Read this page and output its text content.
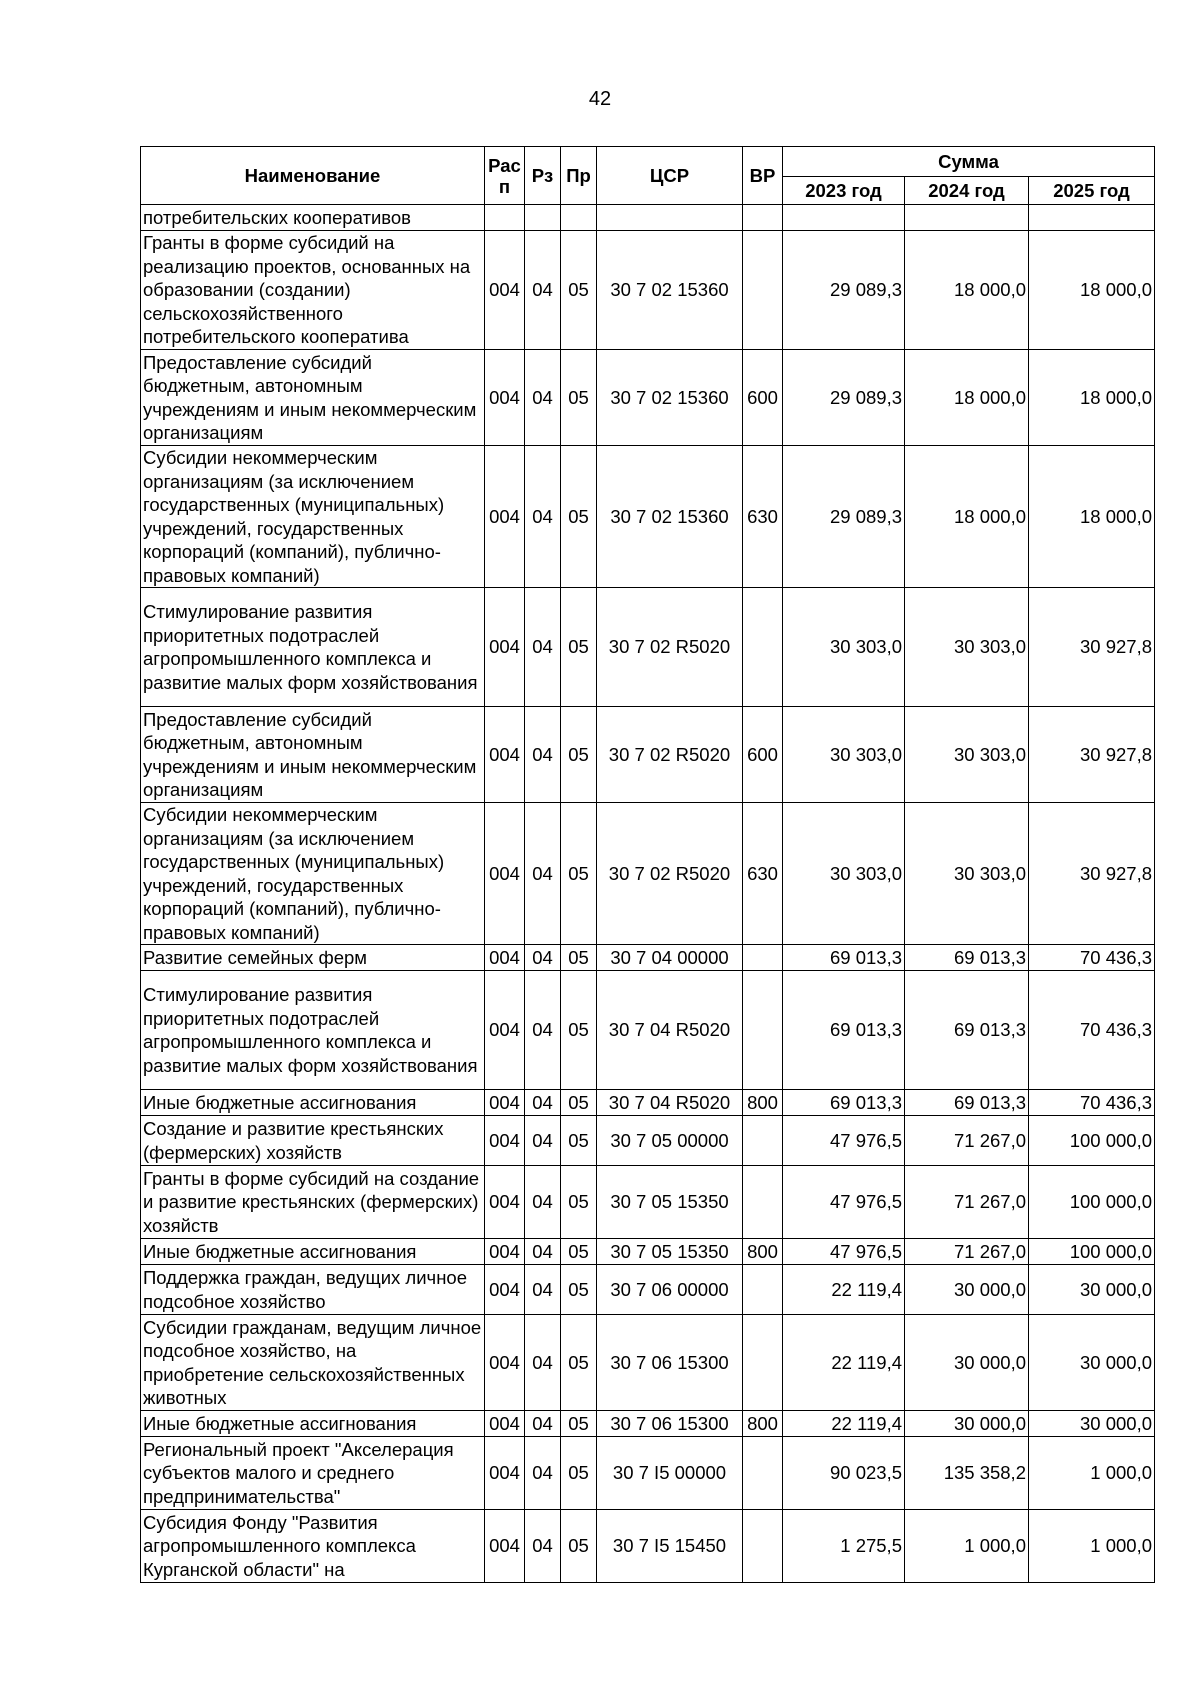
42
Наименование	Рас п	Рз	Пр	ЦСР	ВР	Сумма		
						2023 год	2024 год	2025 год
потребительских кооперативов								
Гранты в форме субсидий на реализацию проектов, основанных на образовании (создании) сельскохозяйственного потребительского кооператива	004	04	05	30 7 02 15360		29 089,3	18 000,0	18 000,0
Предоставление субсидий бюджетным, автономным учреждениям и иным некоммерческим организациям	004	04	05	30 7 02 15360	600	29 089,3	18 000,0	18 000,0
Субсидии некоммерческим организациям (за исключением государственных (муниципальных) учреждений, государственных корпораций (компаний), публично-правовых компаний)	004	04	05	30 7 02 15360	630	29 089,3	18 000,0	18 000,0
Стимулирование развития приоритетных подотраслей агропромышленного комплекса и развитие малых форм хозяйствования	004	04	05	30 7 02 R5020		30 303,0	30 303,0	30 927,8
Предоставление субсидий бюджетным, автономным учреждениям и иным некоммерческим организациям	004	04	05	30 7 02 R5020	600	30 303,0	30 303,0	30 927,8
Субсидии некоммерческим организациям (за исключением государственных (муниципальных) учреждений, государственных корпораций (компаний), публично-правовых компаний)	004	04	05	30 7 02 R5020	630	30 303,0	30 303,0	30 927,8
Развитие семейных ферм	004	04	05	30 7 04 00000		69 013,3	69 013,3	70 436,3
Стимулирование развития приоритетных подотраслей агропромышленного комплекса и развитие малых форм хозяйствования	004	04	05	30 7 04 R5020		69 013,3	69 013,3	70 436,3
Иные бюджетные ассигнования	004	04	05	30 7 04 R5020	800	69 013,3	69 013,3	70 436,3
Создание и развитие крестьянских (фермерских) хозяйств	004	04	05	30 7 05 00000		47 976,5	71 267,0	100 000,0
Гранты в форме субсидий на создание и развитие крестьянских (фермерских) хозяйств	004	04	05	30 7 05 15350		47 976,5	71 267,0	100 000,0
Иные бюджетные ассигнования	004	04	05	30 7 05 15350	800	47 976,5	71 267,0	100 000,0
Поддержка граждан, ведущих личное подсобное хозяйство	004	04	05	30 7 06 00000		22 119,4	30 000,0	30 000,0
Субсидии гражданам, ведущим личное подсобное хозяйство, на приобретение сельскохозяйственных животных	004	04	05	30 7 06 15300		22 119,4	30 000,0	30 000,0
Иные бюджетные ассигнования	004	04	05	30 7 06 15300	800	22 119,4	30 000,0	30 000,0
Региональный проект "Акселерация субъектов малого и среднего предпринимательства"	004	04	05	30 7 I5 00000		90 023,5	135 358,2	1 000,0
Субсидия Фонду "Развития агропромышленного комплекса Курганской области" на	004	04	05	30 7 I5 15450		1 275,5	1 000,0	1 000,0
